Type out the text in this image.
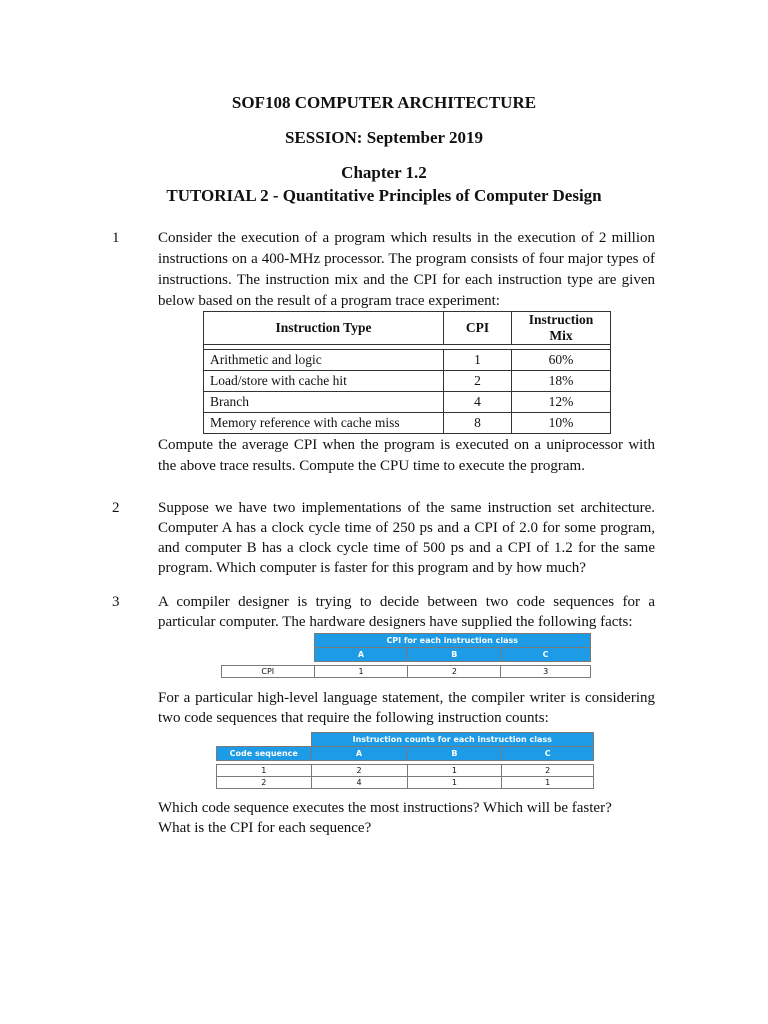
SOF108 COMPUTER ARCHITECTURE
SESSION: September 2019
Chapter 1.2
TUTORIAL 2 - Quantitative Principles of Computer Design
1	Consider the execution of a program which results in the execution of 2 million instructions on a 400-MHz processor. The program consists of four major types of instructions. The instruction mix and the CPI for each instruction type are given below based on the result of a program trace experiment:
Instruction Type	CPI	Instruction Mix

Arithmetic and logic	1	60%
Load/store with cache hit	2	18%
Branch	4	12%
Memory reference with cache miss	8	10%
Compute the average CPI when the program is executed on a uniprocessor with the above trace results. Compute the CPU time to execute the program.
2	Suppose we have two implementations of the same instruction set architecture. Computer A has a clock cycle time of 250 ps and a CPI of 2.0 for some program, and computer B has a clock cycle time of 500 ps and a CPI of 1.2 for the same program. Which computer is faster for this program and by how much?
3	A compiler designer is trying to decide between two code sequences for a particular computer. The hardware designers have supplied the following facts:
	CPI for each instruction class		
	A	B	C

CPI	1	2	3
For a particular high-level language statement, the compiler writer is considering two code sequences that require the following instruction counts:
	Instruction counts for each instruction class		
Code sequence	A	B	C

1	2	1	2
2	4	1	1
Which code sequence executes the most instructions? Which will be faster?
What is the CPI for each sequence?
